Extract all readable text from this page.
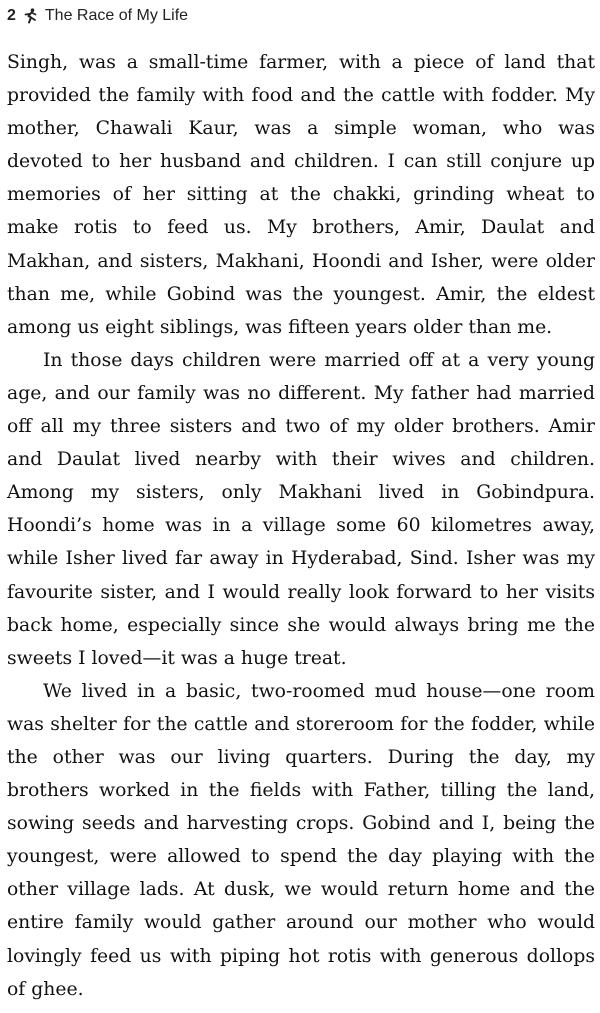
2 The Race of My Life

Singh, was a small-time farmer, with a piece of land that provided the family with food and the cattle with fodder. My mother, Chawali Kaur, was a simple woman, who was devoted to her husband and children. I can still conjure up memories of her sitting at the chakki, grinding wheat to make rotis to feed us. My brothers, Amir, Daulat and Makhan, and sisters, Makhani, Hoondi and Isher, were older than me, while Gobind was the youngest. Amir, the eldest among us eight siblings, was fifteen years older than me.

In those days children were married off at a very young age, and our family was no different. My father had married off all my three sisters and two of my older brothers. Amir and Daulat lived nearby with their wives and children. Among my sisters, only Makhani lived in Gobindpura. Hoondi’s home was in a village some 60 kilometres away, while Isher lived far away in Hyderabad, Sind. Isher was my favourite sister, and I would really look forward to her visits back home, especially since she would always bring me the sweets I loved—it was a huge treat.

We lived in a basic, two-roomed mud house—one room was shelter for the cattle and storeroom for the fodder, while the other was our living quarters. During the day, my brothers worked in the fields with Father, tilling the land, sowing seeds and harvesting crops. Gobind and I, being the youngest, were allowed to spend the day playing with the other village lads. At dusk, we would return home and the entire family would gather around our mother who would lovingly feed us with piping hot rotis with generous dollops of ghee.
